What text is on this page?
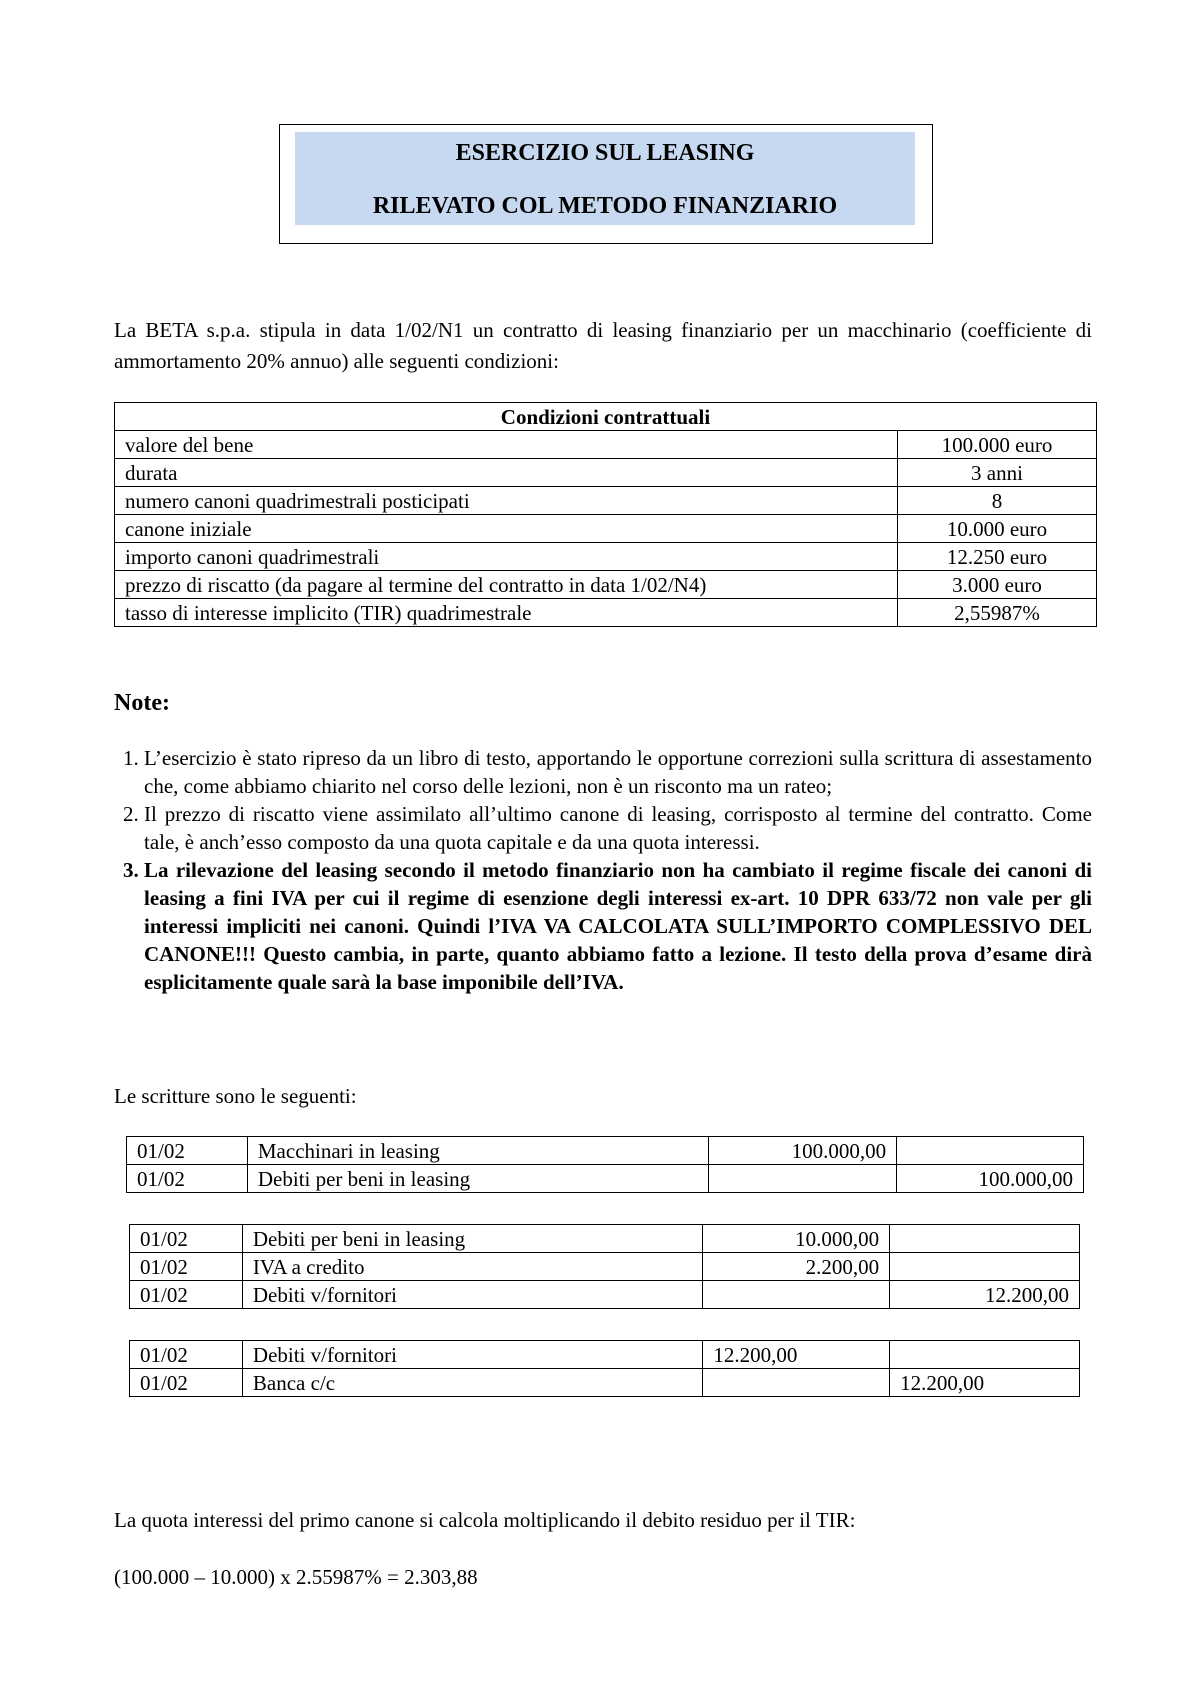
ESERCIZIO SUL LEASING
RILEVATO COL METODO FINANZIARIO
La BETA s.p.a. stipula in data 1/02/N1 un contratto di leasing finanziario per un macchinario (coefficiente di ammortamento 20% annuo) alle seguenti condizioni:
Condizioni contrattuali	
valore del bene	100.000 euro
durata	3 anni
numero canoni quadrimestrali posticipati	8
canone iniziale	10.000 euro
importo canoni quadrimestrali	12.250 euro
prezzo di riscatto (da pagare al termine del contratto in data 1/02/N4)	3.000 euro
tasso di interesse implicito (TIR) quadrimestrale	2,55987%
Note:
1. L’esercizio è stato ripreso da un libro di testo, apportando le opportune correzioni sulla scrittura di assestamento che, come abbiamo chiarito nel corso delle lezioni, non è un risconto ma un rateo;
2. Il prezzo di riscatto viene assimilato all’ultimo canone di leasing, corrisposto al termine del contratto. Come tale, è anch’esso composto da una quota capitale e da una quota interessi.
3. La rilevazione del leasing secondo il metodo finanziario non ha cambiato il regime fiscale dei canoni di leasing a fini IVA per cui il regime di esenzione degli interessi ex-art. 10 DPR 633/72 non vale per gli interessi impliciti nei canoni. Quindi l’IVA VA CALCOLATA SULL’IMPORTO COMPLESSIVO DEL CANONE!!! Questo cambia, in parte, quanto abbiamo fatto a lezione. Il testo della prova d’esame dirà esplicitamente quale sarà la base imponibile dell’IVA.
Le scritture sono le seguenti:
01/02	Macchinari in leasing	100.000,00	
01/02	Debiti per beni in leasing		100.000,00
01/02	Debiti per beni in leasing	10.000,00	
01/02	IVA a credito	2.200,00	
01/02	Debiti v/fornitori		12.200,00
01/02	Debiti v/fornitori	12.200,00	
01/02	Banca c/c		12.200,00
La quota interessi del primo canone si calcola moltiplicando il debito residuo per il TIR:
(100.000 – 10.000) x 2.55987% = 2.303,88
